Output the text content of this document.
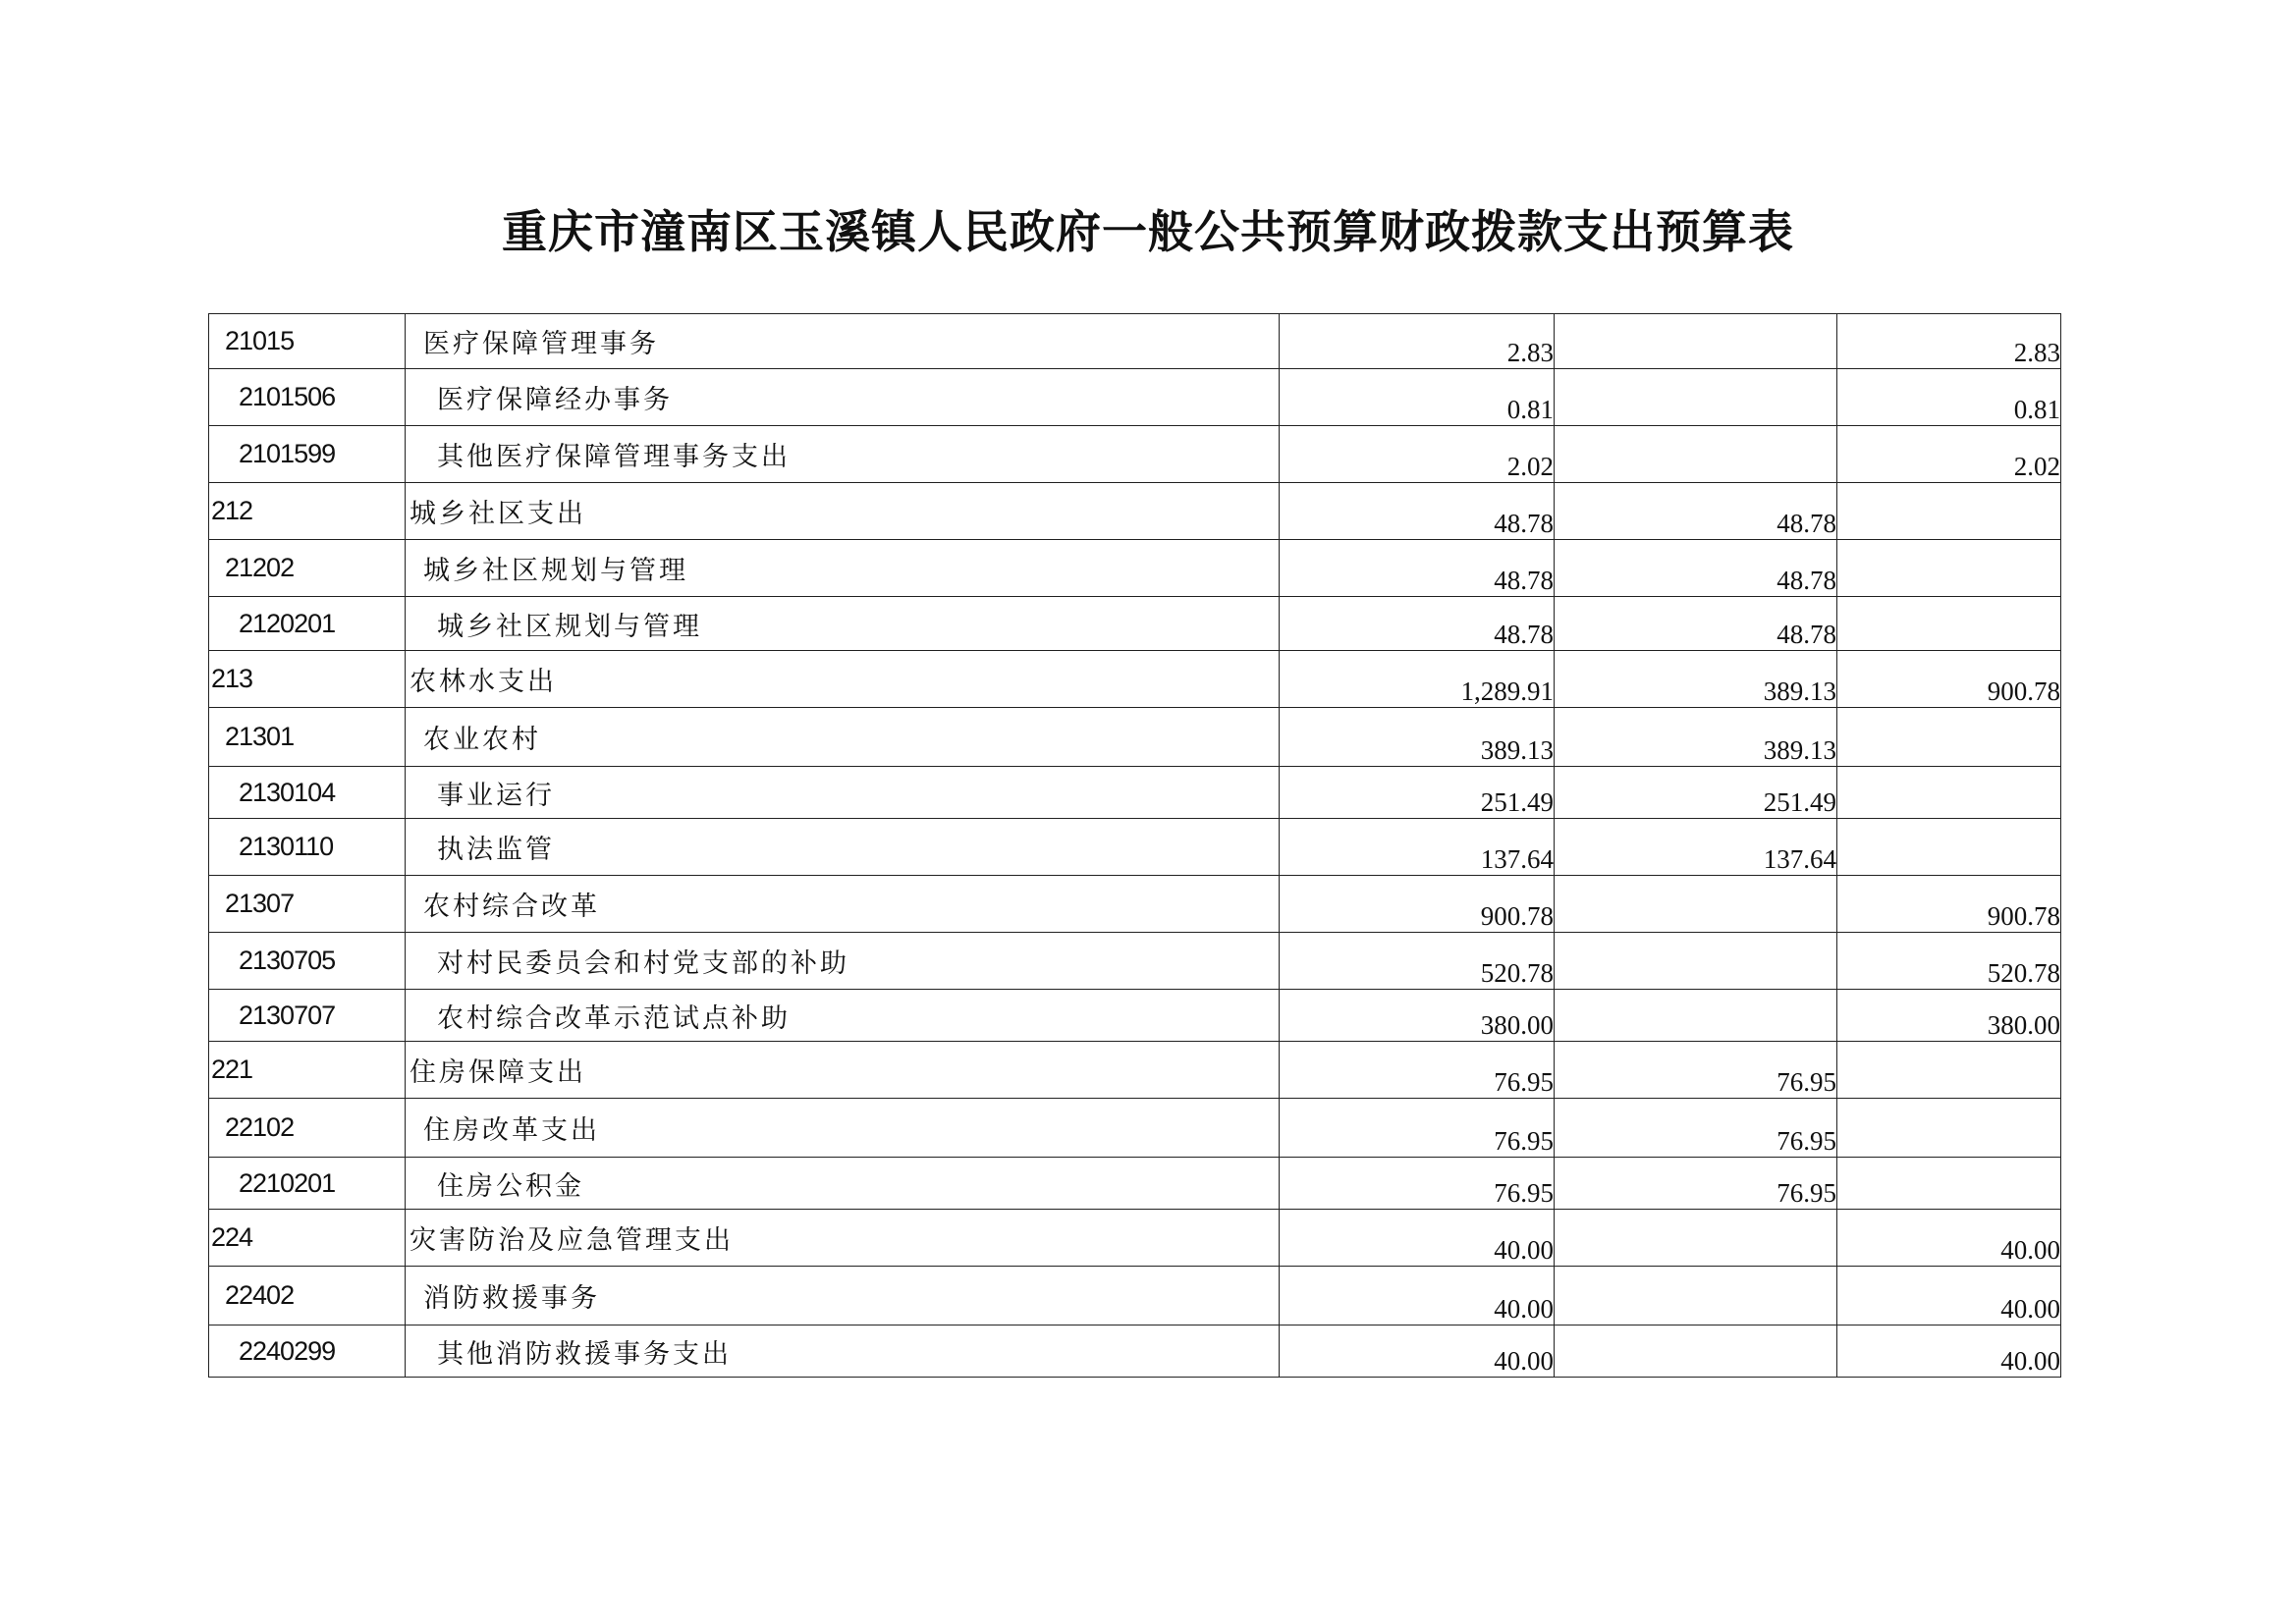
重庆市潼南区玉溪镇人民政府一般公共预算财政拨款支出预算表
21015	医疗保障管理事务	2.83		2.83
2101506	医疗保障经办事务	0.81		0.81
2101599	其他医疗保障管理事务支出	2.02		2.02
212	城乡社区支出	48.78	48.78	
21202	城乡社区规划与管理	48.78	48.78	
2120201	城乡社区规划与管理	48.78	48.78	
213	农林水支出	1,289.91	389.13	900.78
21301	农业农村	389.13	389.13	
2130104	事业运行	251.49	251.49	
2130110	执法监管	137.64	137.64	
21307	农村综合改革	900.78		900.78
2130705	对村民委员会和村党支部的补助	520.78		520.78
2130707	农村综合改革示范试点补助	380.00		380.00
221	住房保障支出	76.95	76.95	
22102	住房改革支出	76.95	76.95	
2210201	住房公积金	76.95	76.95	
224	灾害防治及应急管理支出	40.00		40.00
22402	消防救援事务	40.00		40.00
2240299	其他消防救援事务支出	40.00		40.00
